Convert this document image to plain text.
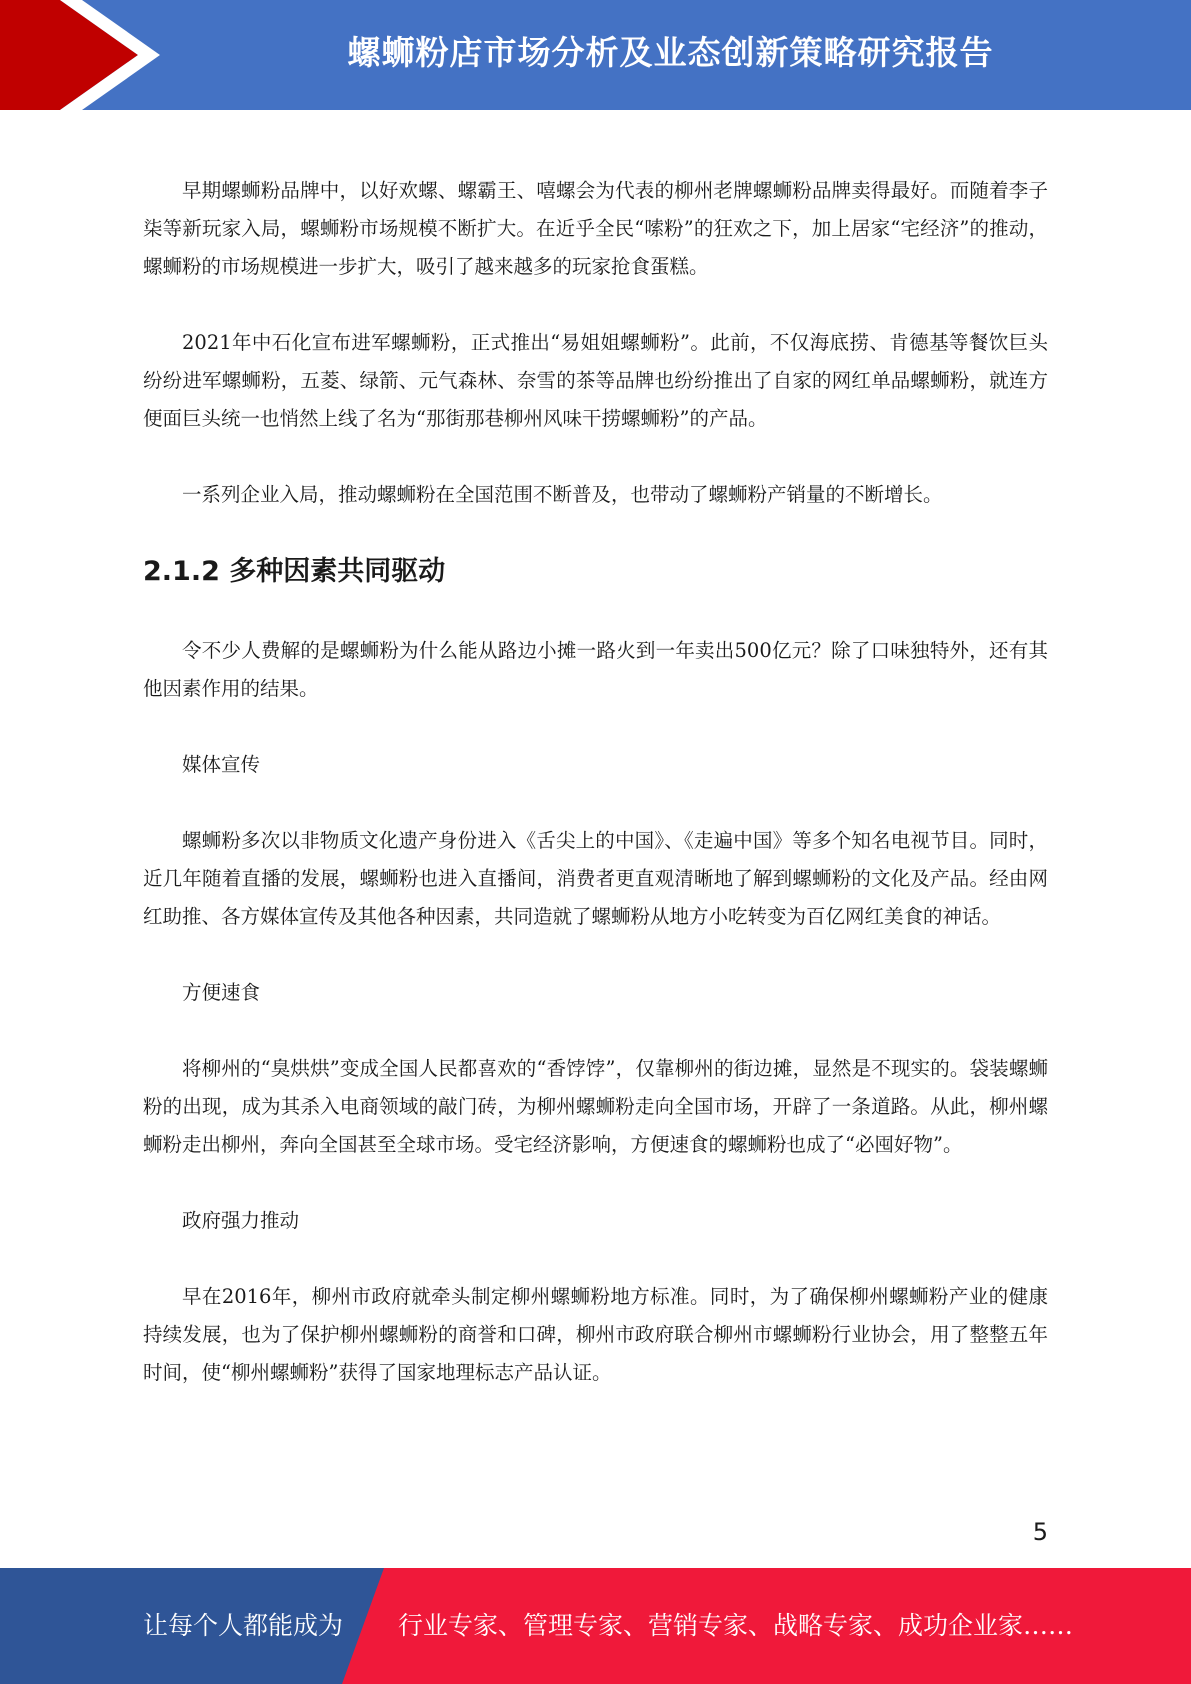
螺蛳粉店市场分析及业态创新策略研究报告

早期螺蛳粉品牌中，以好欢螺、螺霸王、嘻螺会为代表的柳州老牌螺蛳粉品牌卖得最好。而随着李子柒等新玩家入局，螺蛳粉市场规模不断扩大。在近乎全民“嗦粉”的狂欢之下，加上居家“宅经济”的推动，螺蛳粉的市场规模进一步扩大，吸引了越来越多的玩家抢食蛋糕。

2021年中石化宣布进军螺蛳粉，正式推出“易姐姐螺蛳粉”。此前，不仅海底捞、肯德基等餐饮巨头纷纷进军螺蛳粉，五菱、绿箭、元气森林、奈雪的茶等品牌也纷纷推出了自家的网红单品螺蛳粉，就连方便面巨头统一也悄然上线了名为“那街那巷柳州风味干捞螺蛳粉”的产品。

一系列企业入局，推动螺蛳粉在全国范围不断普及，也带动了螺蛳粉产销量的不断增长。

2.1.2 多种因素共同驱动

令不少人费解的是螺蛳粉为什么能从路边小摊一路火到一年卖出500亿元？除了口味独特外，还有其他因素作用的结果。

媒体宣传

螺蛳粉多次以非物质文化遗产身份进入《舌尖上的中国》、《走遍中国》等多个知名电视节目。同时，近几年随着直播的发展，螺蛳粉也进入直播间，消费者更直观清晰地了解到螺蛳粉的文化及产品。经由网红助推、各方媒体宣传及其他各种因素，共同造就了螺蛳粉从地方小吃转变为百亿网红美食的神话。

方便速食

将柳州的“臭烘烘”变成全国人民都喜欢的“香饽饽”，仅靠柳州的街边摊，显然是不现实的。袋装螺蛳粉的出现，成为其杀入电商领域的敲门砖，为柳州螺蛳粉走向全国市场，开辟了一条道路。从此，柳州螺蛳粉走出柳州，奔向全国甚至全球市场。受宅经济影响，方便速食的螺蛳粉也成了“必囤好物”。

政府强力推动

早在2016年，柳州市政府就牵头制定柳州螺蛳粉地方标准。同时，为了确保柳州螺蛳粉产业的健康持续发展，也为了保护柳州螺蛳粉的商誉和口碑，柳州市政府联合柳州市螺蛳粉行业协会，用了整整五年时间，使“柳州螺蛳粉”获得了国家地理标志产品认证。

5
让每个人都能成为 行业专家、管理专家、营销专家、战略专家、成功企业家……
